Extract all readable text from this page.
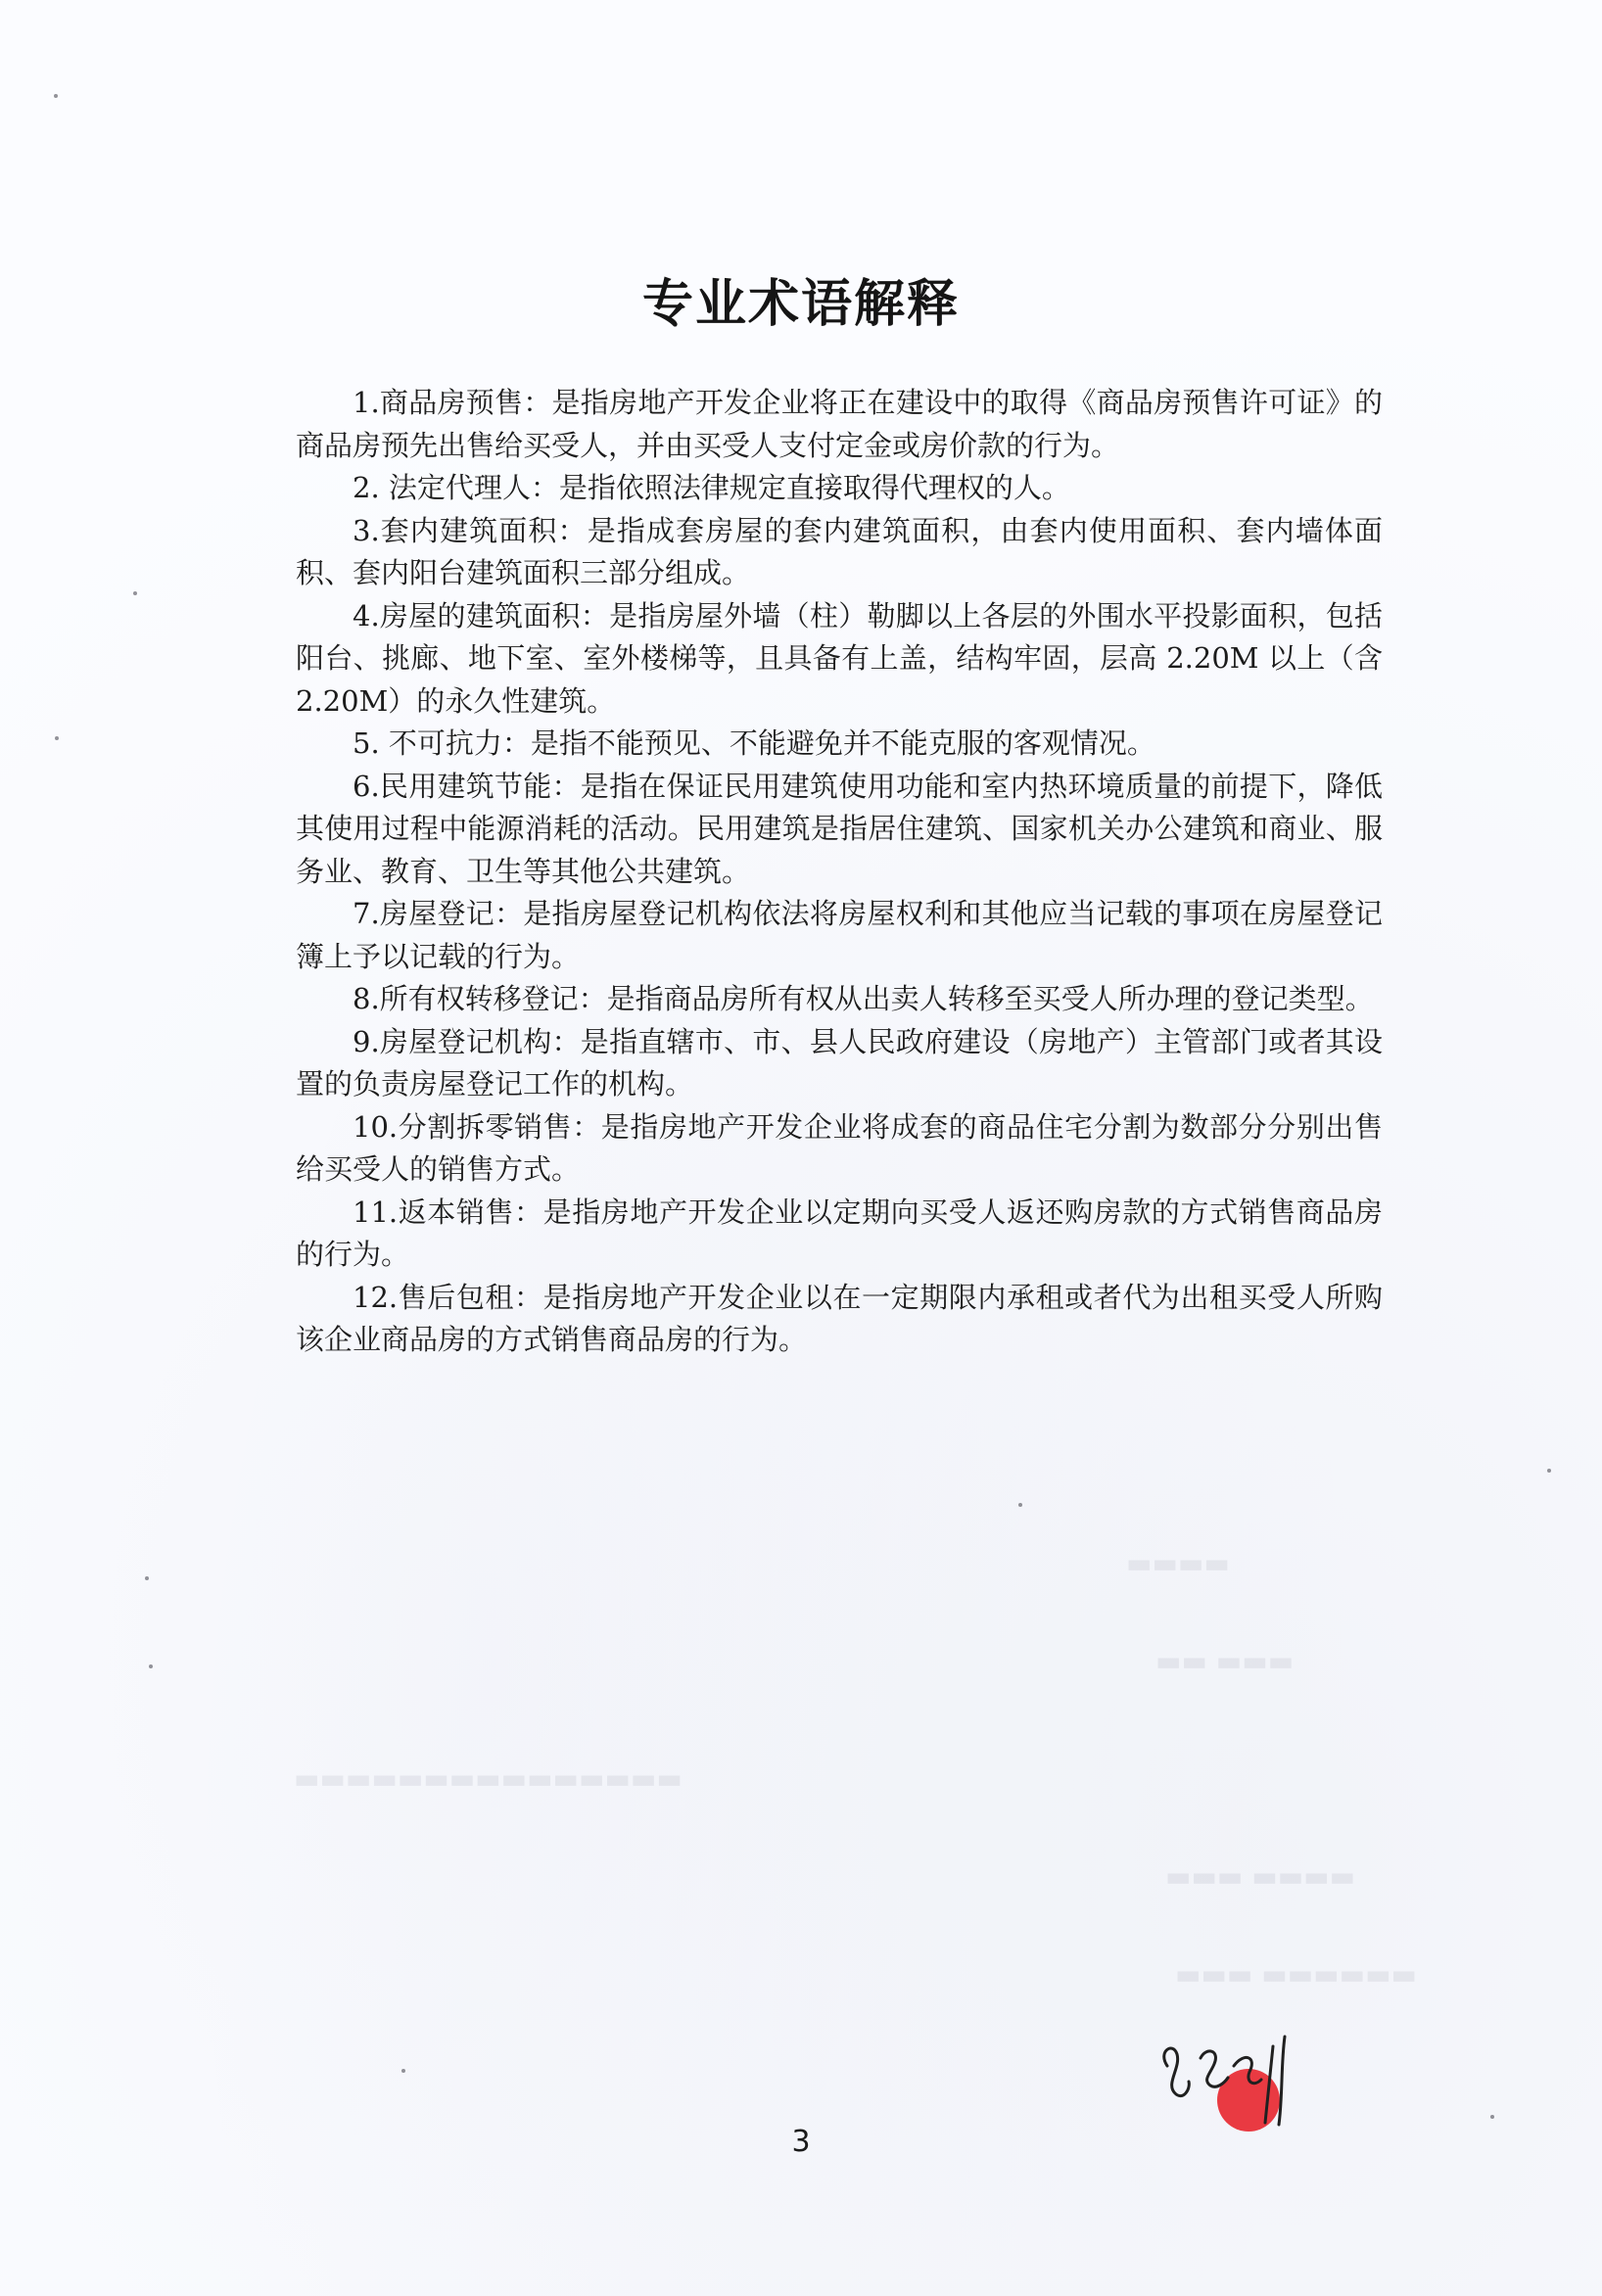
▬▬▬▬
▬▬ ▬▬▬
▬▬▬▬▬▬▬▬▬▬▬▬▬▬▬
▬▬▬ ▬▬▬▬
▬▬▬ ▬▬▬▬▬▬
专业术语解释

1.商品房预售：是指房地产开发企业将正在建设中的取得《商品房预售许可证》的商品房预先出售给买受人，并由买受人支付定金或房价款的行为。

2. 法定代理人：是指依照法律规定直接取得代理权的人。

3.套内建筑面积：是指成套房屋的套内建筑面积，由套内使用面积、套内墙体面积、套内阳台建筑面积三部分组成。

4.房屋的建筑面积：是指房屋外墙（柱）勒脚以上各层的外围水平投影面积，包括阳台、挑廊、地下室、室外楼梯等，且具备有上盖，结构牢固，层高 2.20M 以上（含 2.20M）的永久性建筑。

5. 不可抗力：是指不能预见、不能避免并不能克服的客观情况。

6.民用建筑节能：是指在保证民用建筑使用功能和室内热环境质量的前提下，降低其使用过程中能源消耗的活动。民用建筑是指居住建筑、国家机关办公建筑和商业、服务业、教育、卫生等其他公共建筑。

7.房屋登记：是指房屋登记机构依法将房屋权利和其他应当记载的事项在房屋登记簿上予以记载的行为。

8.所有权转移登记：是指商品房所有权从出卖人转移至买受人所办理的登记类型。

9.房屋登记机构：是指直辖市、市、县人民政府建设（房地产）主管部门或者其设置的负责房屋登记工作的机构。

10.分割拆零销售：是指房地产开发企业将成套的商品住宅分割为数部分分别出售给买受人的销售方式。

11.返本销售：是指房地产开发企业以定期向买受人返还购房款的方式销售商品房的行为。

12.售后包租：是指房地产开发企业以在一定期限内承租或者代为出租买受人所购该企业商品房的方式销售商品房的行为。

3
